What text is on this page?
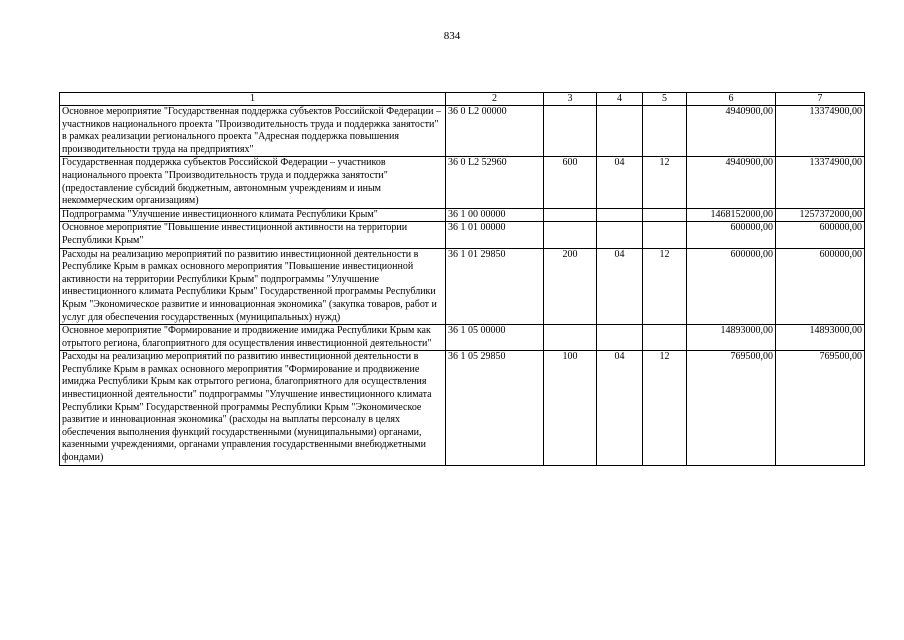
834
1	2	3	4	5	6	7
Основное мероприятие "Государственная поддержка субъектов Российской Федерации – участников национального проекта "Производительность труда и поддержка занятости" в рамках реализации регионального проекта "Адресная поддержка повышения производительности труда на предприятиях"	36 0 L2 00000				4940900,00	13374900,00
Государственная поддержка субъектов Российской Федерации – участников национального проекта "Производительность труда и поддержка занятости" (предоставление субсидий бюджетным, автономным учреждениям и иным некоммерческим организациям)	36 0 L2 52960	600	04	12	4940900,00	13374900,00
Подпрограмма "Улучшение инвестиционного климата Республики Крым"	36 1 00 00000				1468152000,00	1257372000,00
Основное мероприятие "Повышение инвестиционной активности на территории Республики Крым"	36 1 01 00000				600000,00	600000,00
Расходы на реализацию мероприятий по развитию инвестиционной деятельности в Республике Крым в рамках основного мероприятия "Повышение инвестиционной активности на территории Республики Крым" подпрограммы "Улучшение инвестиционного климата Республики Крым" Государственной программы Республики Крым "Экономическое развитие и инновационная экономика" (закупка товаров, работ и услуг для обеспечения государственных (муниципальных) нужд)	36 1 01 29850	200	04	12	600000,00	600000,00
Основное мероприятие "Формирование и продвижение имиджа Республики Крым как отрытого региона, благоприятного для осуществления инвестиционной деятельности"	36 1 05 00000				14893000,00	14893000,00
Расходы на реализацию мероприятий по развитию инвестиционной деятельности в Республике Крым в рамках основного мероприятия "Формирование и продвижение имиджа Республики Крым как отрытого региона, благоприятного для осуществления инвестиционной деятельности" подпрограммы "Улучшение инвестиционного климата Республики Крым" Государственной программы Республики Крым "Экономическое развитие и инновационная экономика" (расходы на выплаты персоналу в целях обеспечения выполнения функций государственными (муниципальными) органами, казенными учреждениями, органами управления государственными внебюджетными фондами)	36 1 05 29850	100	04	12	769500,00	769500,00
